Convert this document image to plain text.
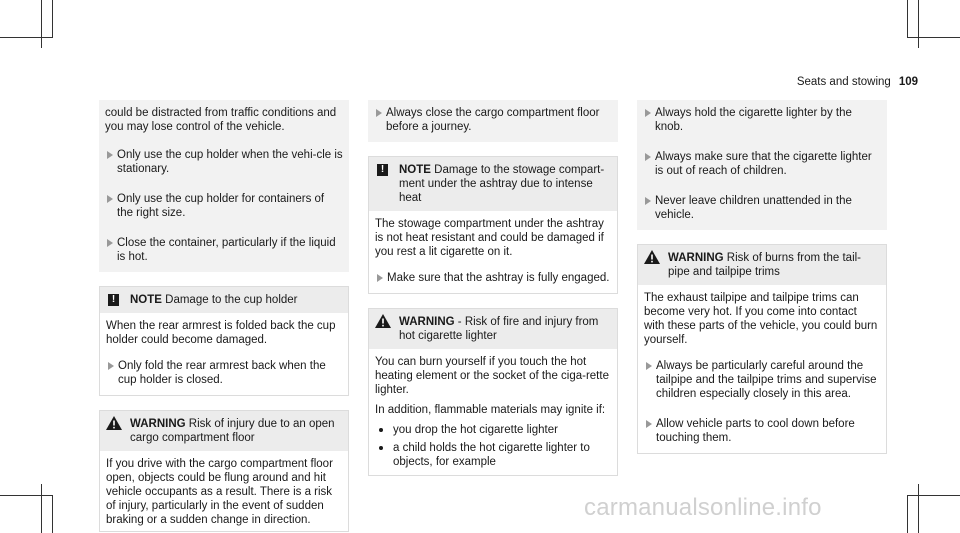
Seats and stowing 109
could be distracted from traffic conditions and you may lose control of the vehicle.
Only use the cup holder when the vehi-cle is stationary.
Only use the cup holder for containers of the right size.
Close the container, particularly if the liquid is hot.
!	NOTE Damage to the cup holder
When the rear armrest is folded back the cup holder could become damaged.
Only fold the rear armrest back when the cup holder is closed.
WARNING Risk of injury due to an open cargo compartment floor
If you drive with the cargo compartment floor open, objects could be flung around and hit vehicle occupants as a result. There is a risk of injury, particularly in the event of sudden braking or a sudden change in direction.
Always close the cargo compartment floor before a journey.
!	NOTE Damage to the stowage compart-ment under the ashtray due to intense heat
The stowage compartment under the ashtray is not heat resistant and could be damaged if you rest a lit cigarette on it.
Make sure that the ashtray is fully engaged.
WARNING - Risk of fire and injury from hot cigarette lighter
You can burn yourself if you touch the hot heating element or the socket of the ciga-rette lighter.
In addition, flammable materials may ignite if:
you drop the hot cigarette lighter
a child holds the hot cigarette lighter to objects, for example
Always hold the cigarette lighter by the knob.
Always make sure that the cigarette lighter is out of reach of children.
Never leave children unattended in the vehicle.
WARNING Risk of burns from the tail-pipe and tailpipe trims
The exhaust tailpipe and tailpipe trims can become very hot. If you come into contact with these parts of the vehicle, you could burn yourself.
Always be particularly careful around the tailpipe and the tailpipe trims and supervise children especially closely in this area.
Allow vehicle parts to cool down before touching them.
carmanualsonline.info
